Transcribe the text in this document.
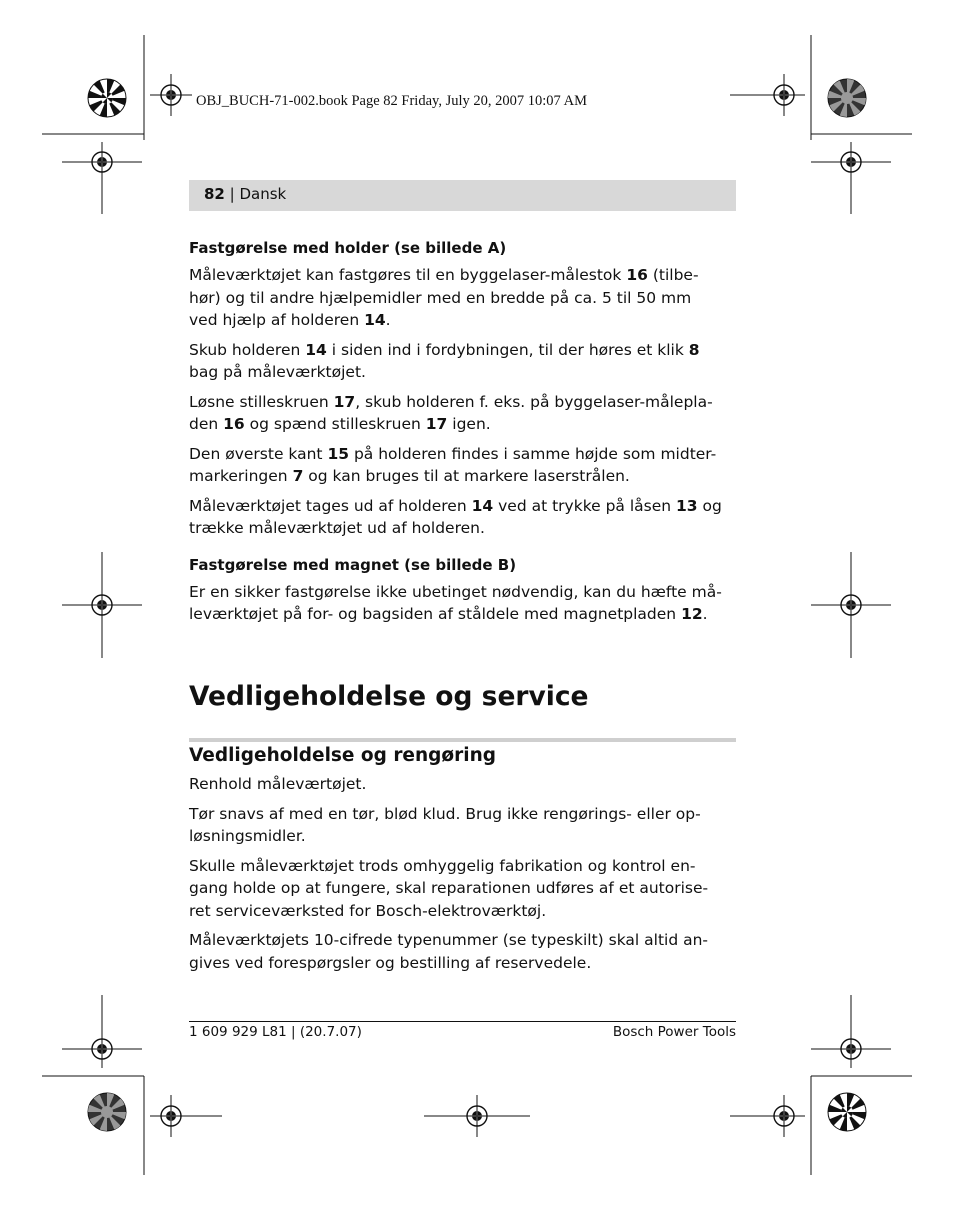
OBJ_BUCH-71-002.book Page 82 Friday, July 20, 2007 10:07 AM
82 | Dansk
Fastgørelse med holder (se billede A)

Måleværktøjet kan fastgøres til en byggelaser-målestok 16 (tilbe-
hør) og til andre hjælpemidler med en bredde på ca. 5 til 50 mm
ved hjælp af holderen 14.

Skub holderen 14 i siden ind i fordybningen, til der høres et klik 8
bag på måleværktøjet.

Løsne stilleskruen 17, skub holderen f. eks. på byggelaser-målepla-
den 16 og spænd stilleskruen 17 igen.

Den øverste kant 15 på holderen findes i samme højde som midter-
markeringen 7 og kan bruges til at markere laserstrålen.

Måleværktøjet tages ud af holderen 14 ved at trykke på låsen 13 og
trække måleværktøjet ud af holderen.

Fastgørelse med magnet (se billede B)

Er en sikker fastgørelse ikke ubetinget nødvendig, kan du hæfte må-
leværktøjet på for- og bagsiden af ståldele med magnetpladen 12.

Vedligeholdelse og service
Vedligeholdelse og rengøring

Renhold måleværtøjet.

Tør snavs af med en tør, blød klud. Brug ikke rengørings- eller op-
løsningsmidler.

Skulle måleværktøjet trods omhyggelig fabrikation og kontrol en-
gang holde op at fungere, skal reparationen udføres af et autorise-
ret serviceværksted for Bosch-elektroværktøj.

Måleværktøjets 10-cifrede typenummer (se typeskilt) skal altid an-
gives ved forespørgsler og bestilling af reservedele.

1 609 929 L81 | (20.7.07)	Bosch Power Tools
